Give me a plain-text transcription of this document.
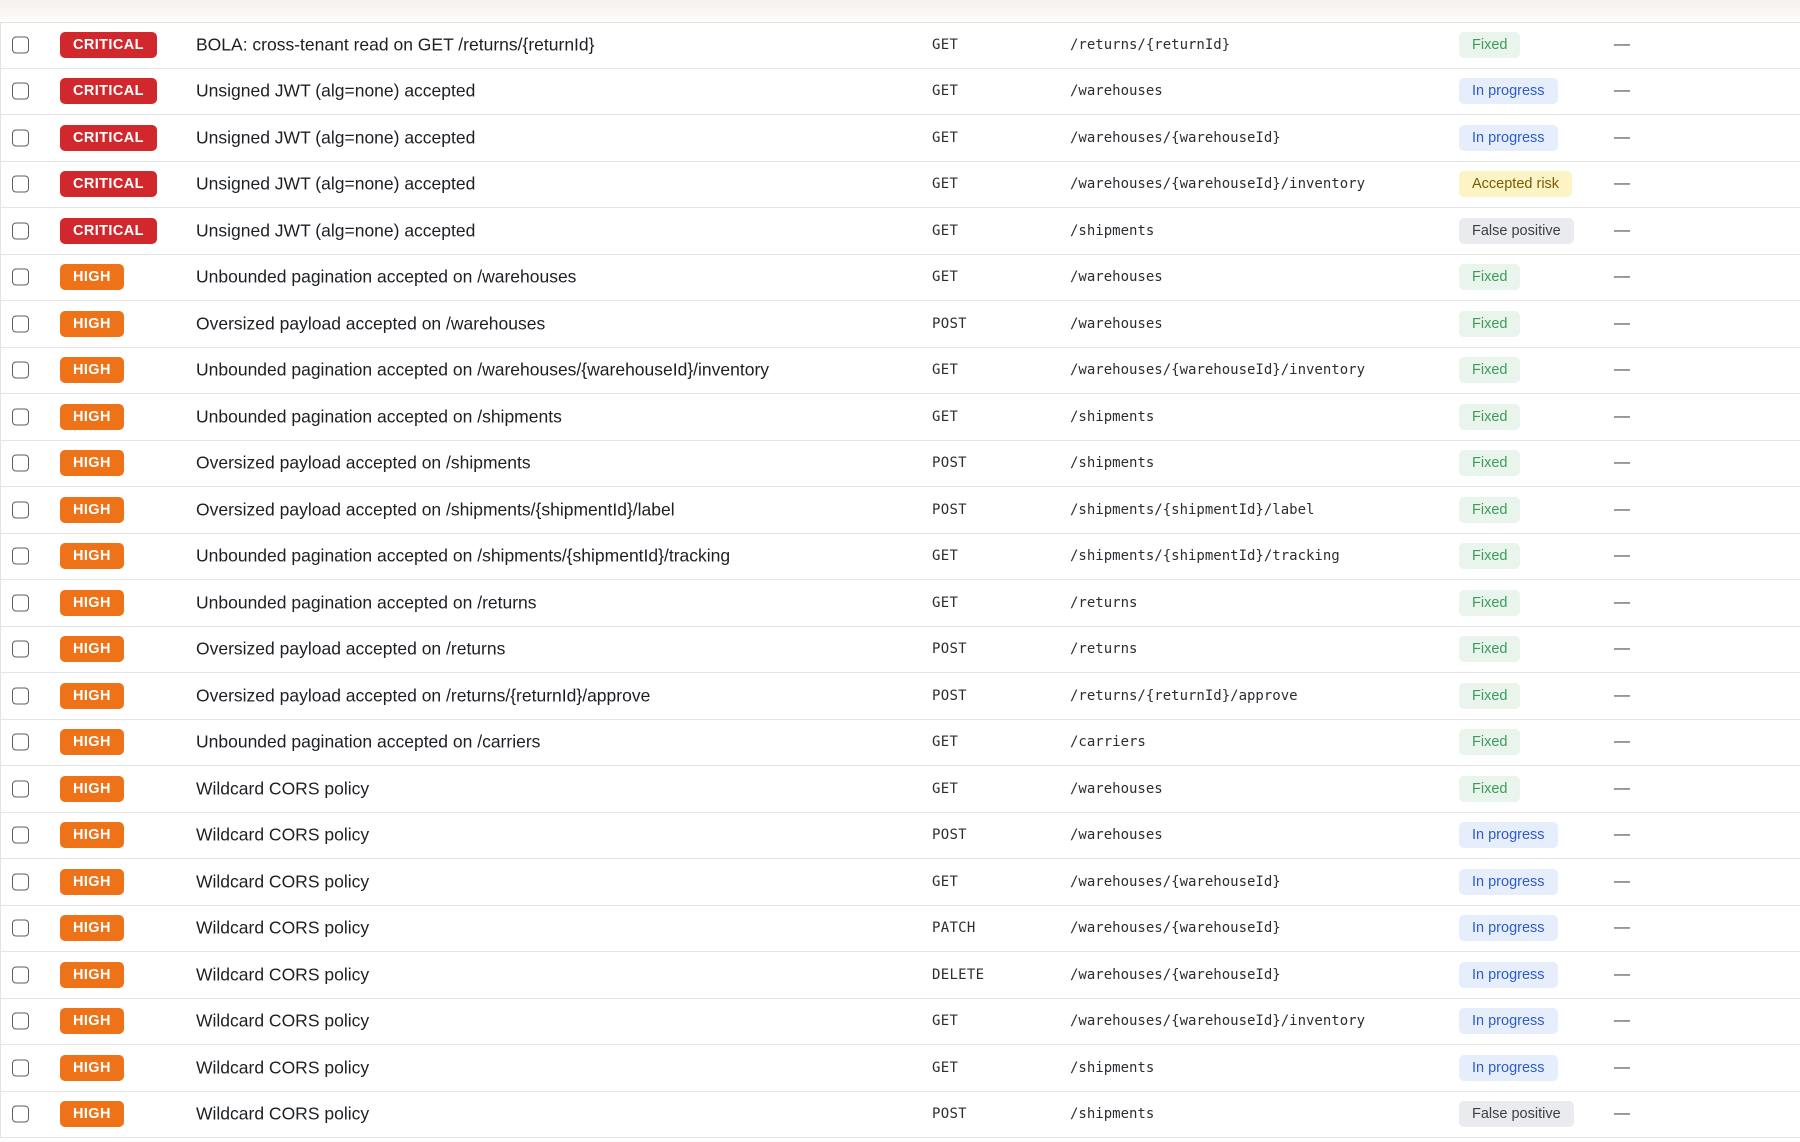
CRITICAL	BOLA: cross-tenant read on GET /returns/{returnId}	GET	/returns/{returnId}	Fixed	—
CRITICAL	Unsigned JWT (alg=none) accepted	GET	/warehouses	In progress	—
CRITICAL	Unsigned JWT (alg=none) accepted	GET	/warehouses/{warehouseId}	In progress	—
CRITICAL	Unsigned JWT (alg=none) accepted	GET	/warehouses/{warehouseId}/inventory	Accepted risk	—
CRITICAL	Unsigned JWT (alg=none) accepted	GET	/shipments	False positive	—
HIGH	Unbounded pagination accepted on /warehouses	GET	/warehouses	Fixed	—
HIGH	Oversized payload accepted on /warehouses	POST	/warehouses	Fixed	—
HIGH	Unbounded pagination accepted on /warehouses/{warehouseId}/inventory	GET	/warehouses/{warehouseId}/inventory	Fixed	—
HIGH	Unbounded pagination accepted on /shipments	GET	/shipments	Fixed	—
HIGH	Oversized payload accepted on /shipments	POST	/shipments	Fixed	—
HIGH	Oversized payload accepted on /shipments/{shipmentId}/label	POST	/shipments/{shipmentId}/label	Fixed	—
HIGH	Unbounded pagination accepted on /shipments/{shipmentId}/tracking	GET	/shipments/{shipmentId}/tracking	Fixed	—
HIGH	Unbounded pagination accepted on /returns	GET	/returns	Fixed	—
HIGH	Oversized payload accepted on /returns	POST	/returns	Fixed	—
HIGH	Oversized payload accepted on /returns/{returnId}/approve	POST	/returns/{returnId}/approve	Fixed	—
HIGH	Unbounded pagination accepted on /carriers	GET	/carriers	Fixed	—
HIGH	Wildcard CORS policy	GET	/warehouses	Fixed	—
HIGH	Wildcard CORS policy	POST	/warehouses	In progress	—
HIGH	Wildcard CORS policy	GET	/warehouses/{warehouseId}	In progress	—
HIGH	Wildcard CORS policy	PATCH	/warehouses/{warehouseId}	In progress	—
HIGH	Wildcard CORS policy	DELETE	/warehouses/{warehouseId}	In progress	—
HIGH	Wildcard CORS policy	GET	/warehouses/{warehouseId}/inventory	In progress	—
HIGH	Wildcard CORS policy	GET	/shipments	In progress	—
HIGH	Wildcard CORS policy	POST	/shipments	False positive	—
